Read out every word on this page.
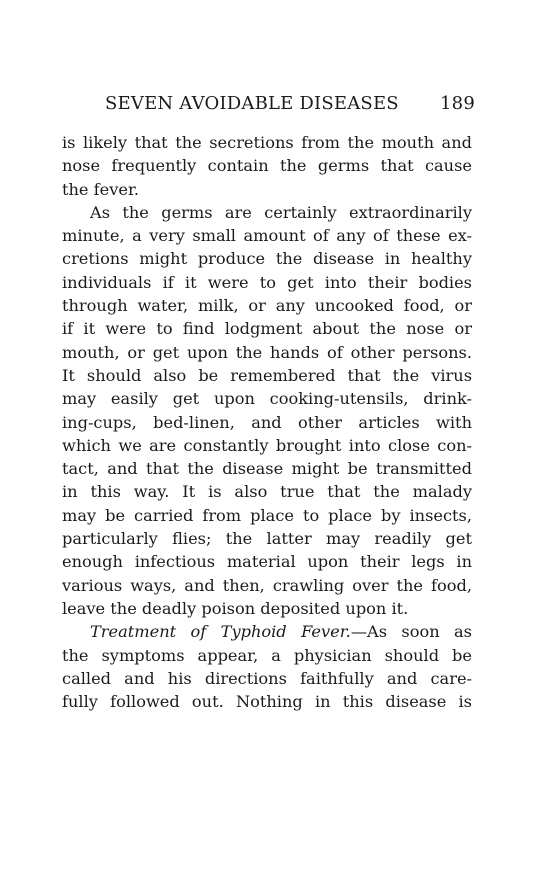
SEVEN AVOIDABLE DISEASES 189
is likely that the secretions from the mouth and
nose frequently contain the germs that cause
the fever.
As the germs are certainly extraordinarily
minute, a very small amount of any of these ex-
cretions might produce the disease in healthy
individuals if it were to get into their bodies
through water, milk, or any uncooked food, or
if it were to find lodgment about the nose or
mouth, or get upon the hands of other persons.
It should also be remembered that the virus
may easily get upon cooking-utensils, drink-
ing-cups, bed-linen, and other articles with
which we are constantly brought into close con-
tact, and that the disease might be transmitted
in this way. It is also true that the malady
may be carried from place to place by insects,
particularly flies; the latter may readily get
enough infectious material upon their legs in
various ways, and then, crawling over the food,
leave the deadly poison deposited upon it.
Treatment of Typhoid Fever.—As soon as
the symptoms appear, a physician should be
called and his directions faithfully and care-
fully followed out. Nothing in this disease is
